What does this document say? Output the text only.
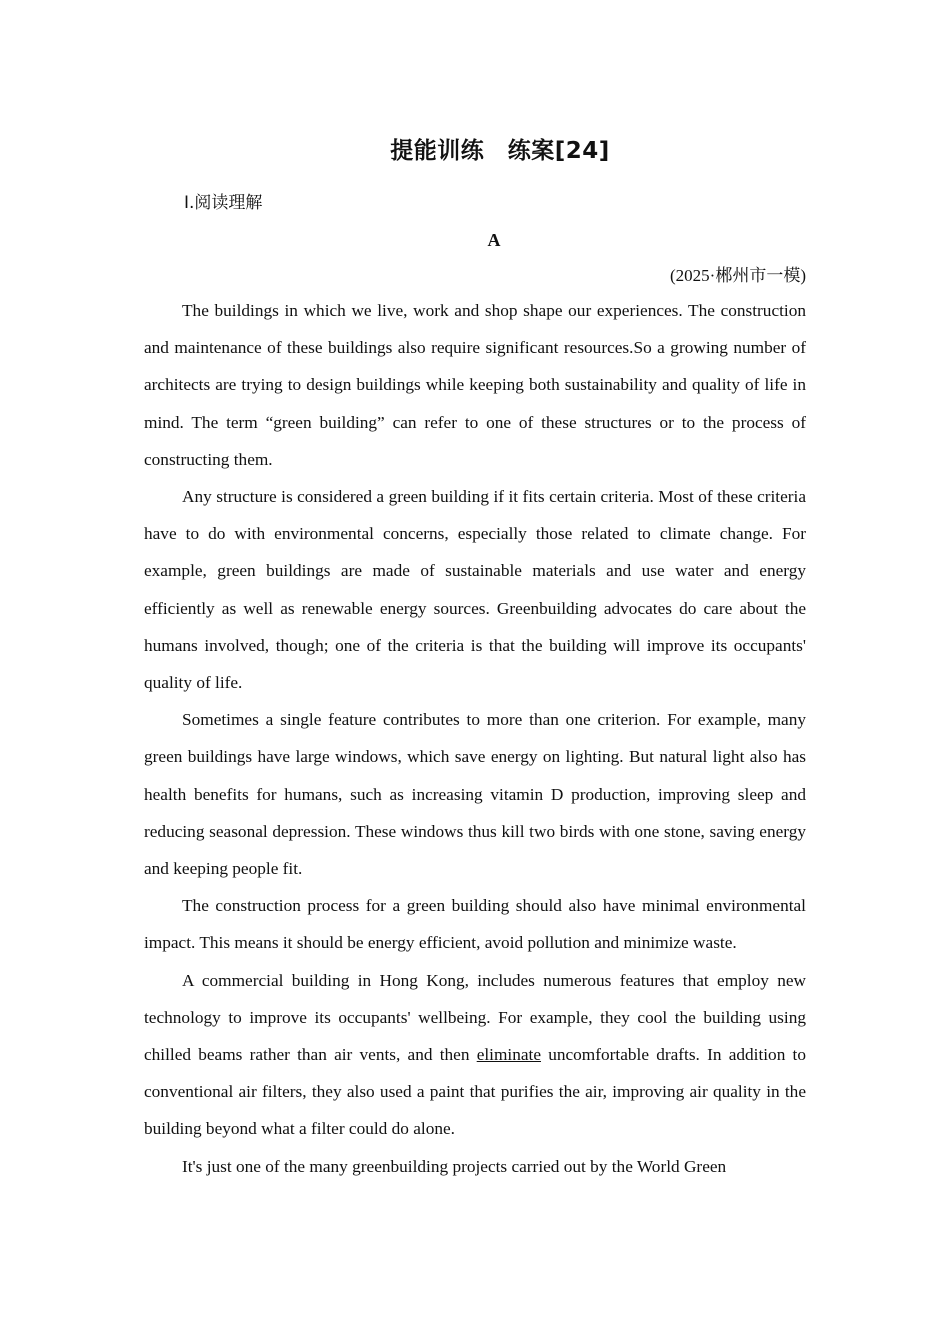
提能训练　练案[24]
Ⅰ.阅读理解
A
(2025·郴州市一模)

The buildings in which we live, work and shop shape our experiences. The construction and maintenance of these buildings also require significant resources.So a growing number of architects are trying to design buildings while keeping both sustainability and quality of life in mind. The term “green building” can refer to one of these structures or to the process of constructing them.

Any structure is considered a green building if it fits certain criteria. Most of these criteria have to do with environmental concerns, especially those related to climate change. For example, green buildings are made of sustainable materials and use water and energy efficiently as well as renewable energy sources. Greenbuilding advocates do care about the humans involved, though; one of the criteria is that the building will improve its occupants' quality of life.

Sometimes a single feature contributes to more than one criterion. For example, many green buildings have large windows, which save energy on lighting. But natural light also has health benefits for humans, such as increasing vitamin D production, improving sleep and reducing seasonal depression. These windows thus kill two birds with one stone, saving energy and keeping people fit.

The construction process for a green building should also have minimal environmental impact. This means it should be energy efficient, avoid pollution and minimize waste.

A commercial building in Hong Kong, includes numerous features that employ new technology to improve its occupants' wellbeing. For example, they cool the building using chilled beams rather than air vents, and then eliminate uncomfortable drafts. In addition to conventional air filters, they also used a paint that purifies the air, improving air quality in the building beyond what a filter could do alone.

It's just one of the many greenbuilding projects carried out by the World Green
